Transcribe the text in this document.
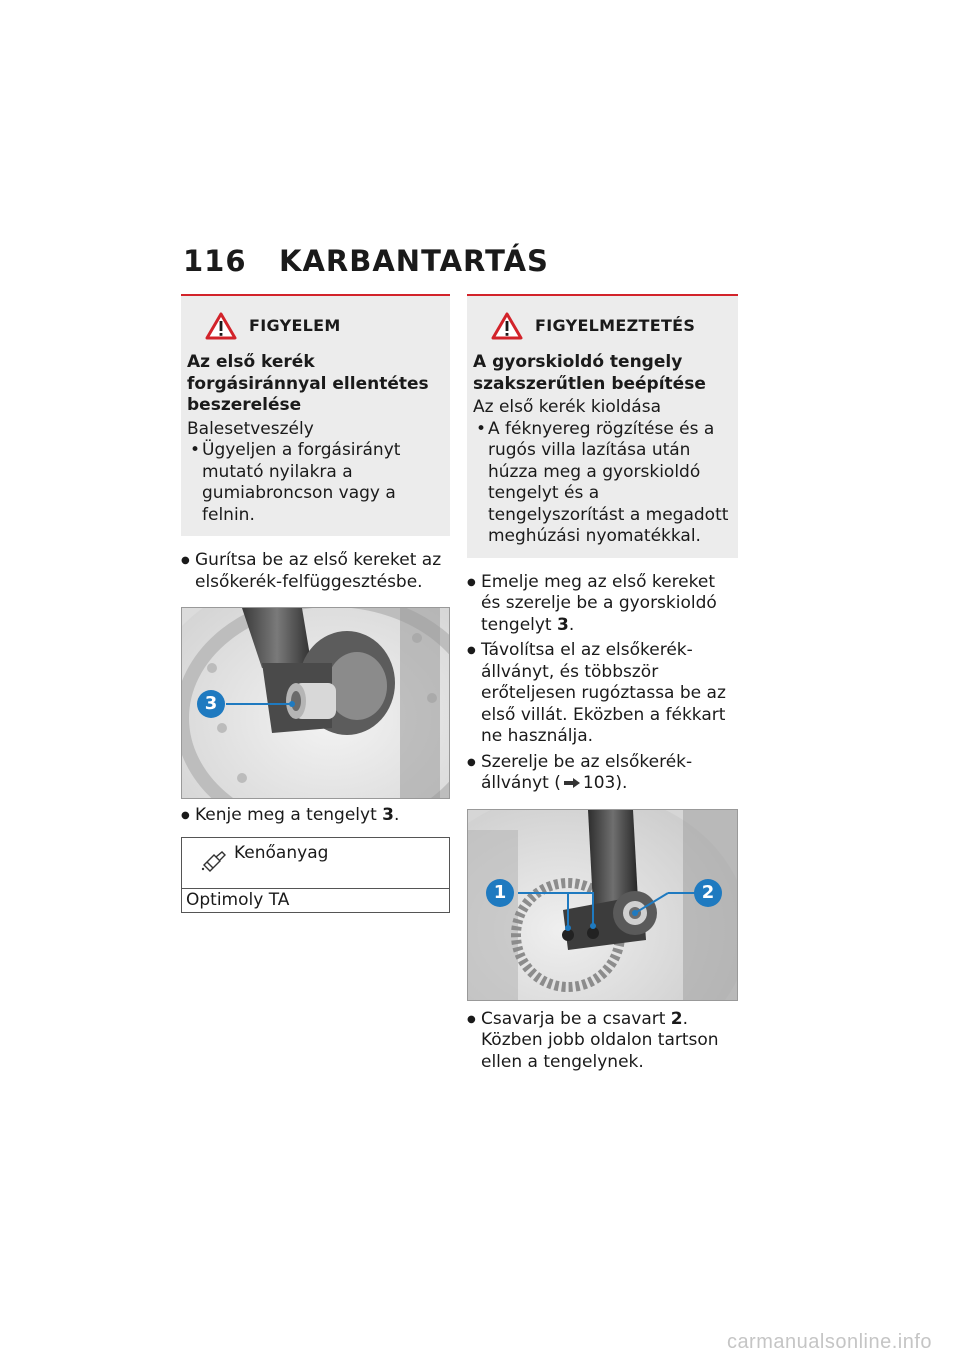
116 KARBANTARTÁS
FIGYELEM
Az első kerék forgásiránnyal ellentétes beszerelése
Balesetveszély
• Ügyeljen a forgásirányt mutató nyilakra a gumiabroncson vagy a felnin.
● Gurítsa be az első kereket az elsőkerék-felfüggesztésbe.
3
● Kenje meg a tengelyt 3.
Kenőanyag
Optimoly TA
FIGYELMEZTETÉS
A gyorskioldó tengely szakszerűtlen beépítése
Az első kerék kioldása
• A féknyereg rögzítése és a rugós villa lazítása után húzza meg a gyorskioldó tengelyt és a tengelyszorítást a megadott meghúzási nyomatékkal.
● Emelje meg az első kereket és szerelje be a gyorskioldó tengelyt 3.
● Távolítsa el az elsőkerék-állványt, és többször erőteljesen rugóztassa be az első villát. Eközben a fékkart ne használja.
● Szerelje be az elsőkerék-állványt ( 103).
1	2
● Csavarja be a csavart 2. Közben jobb oldalon tartson ellen a tengelynek.
carmanualsonline.info
